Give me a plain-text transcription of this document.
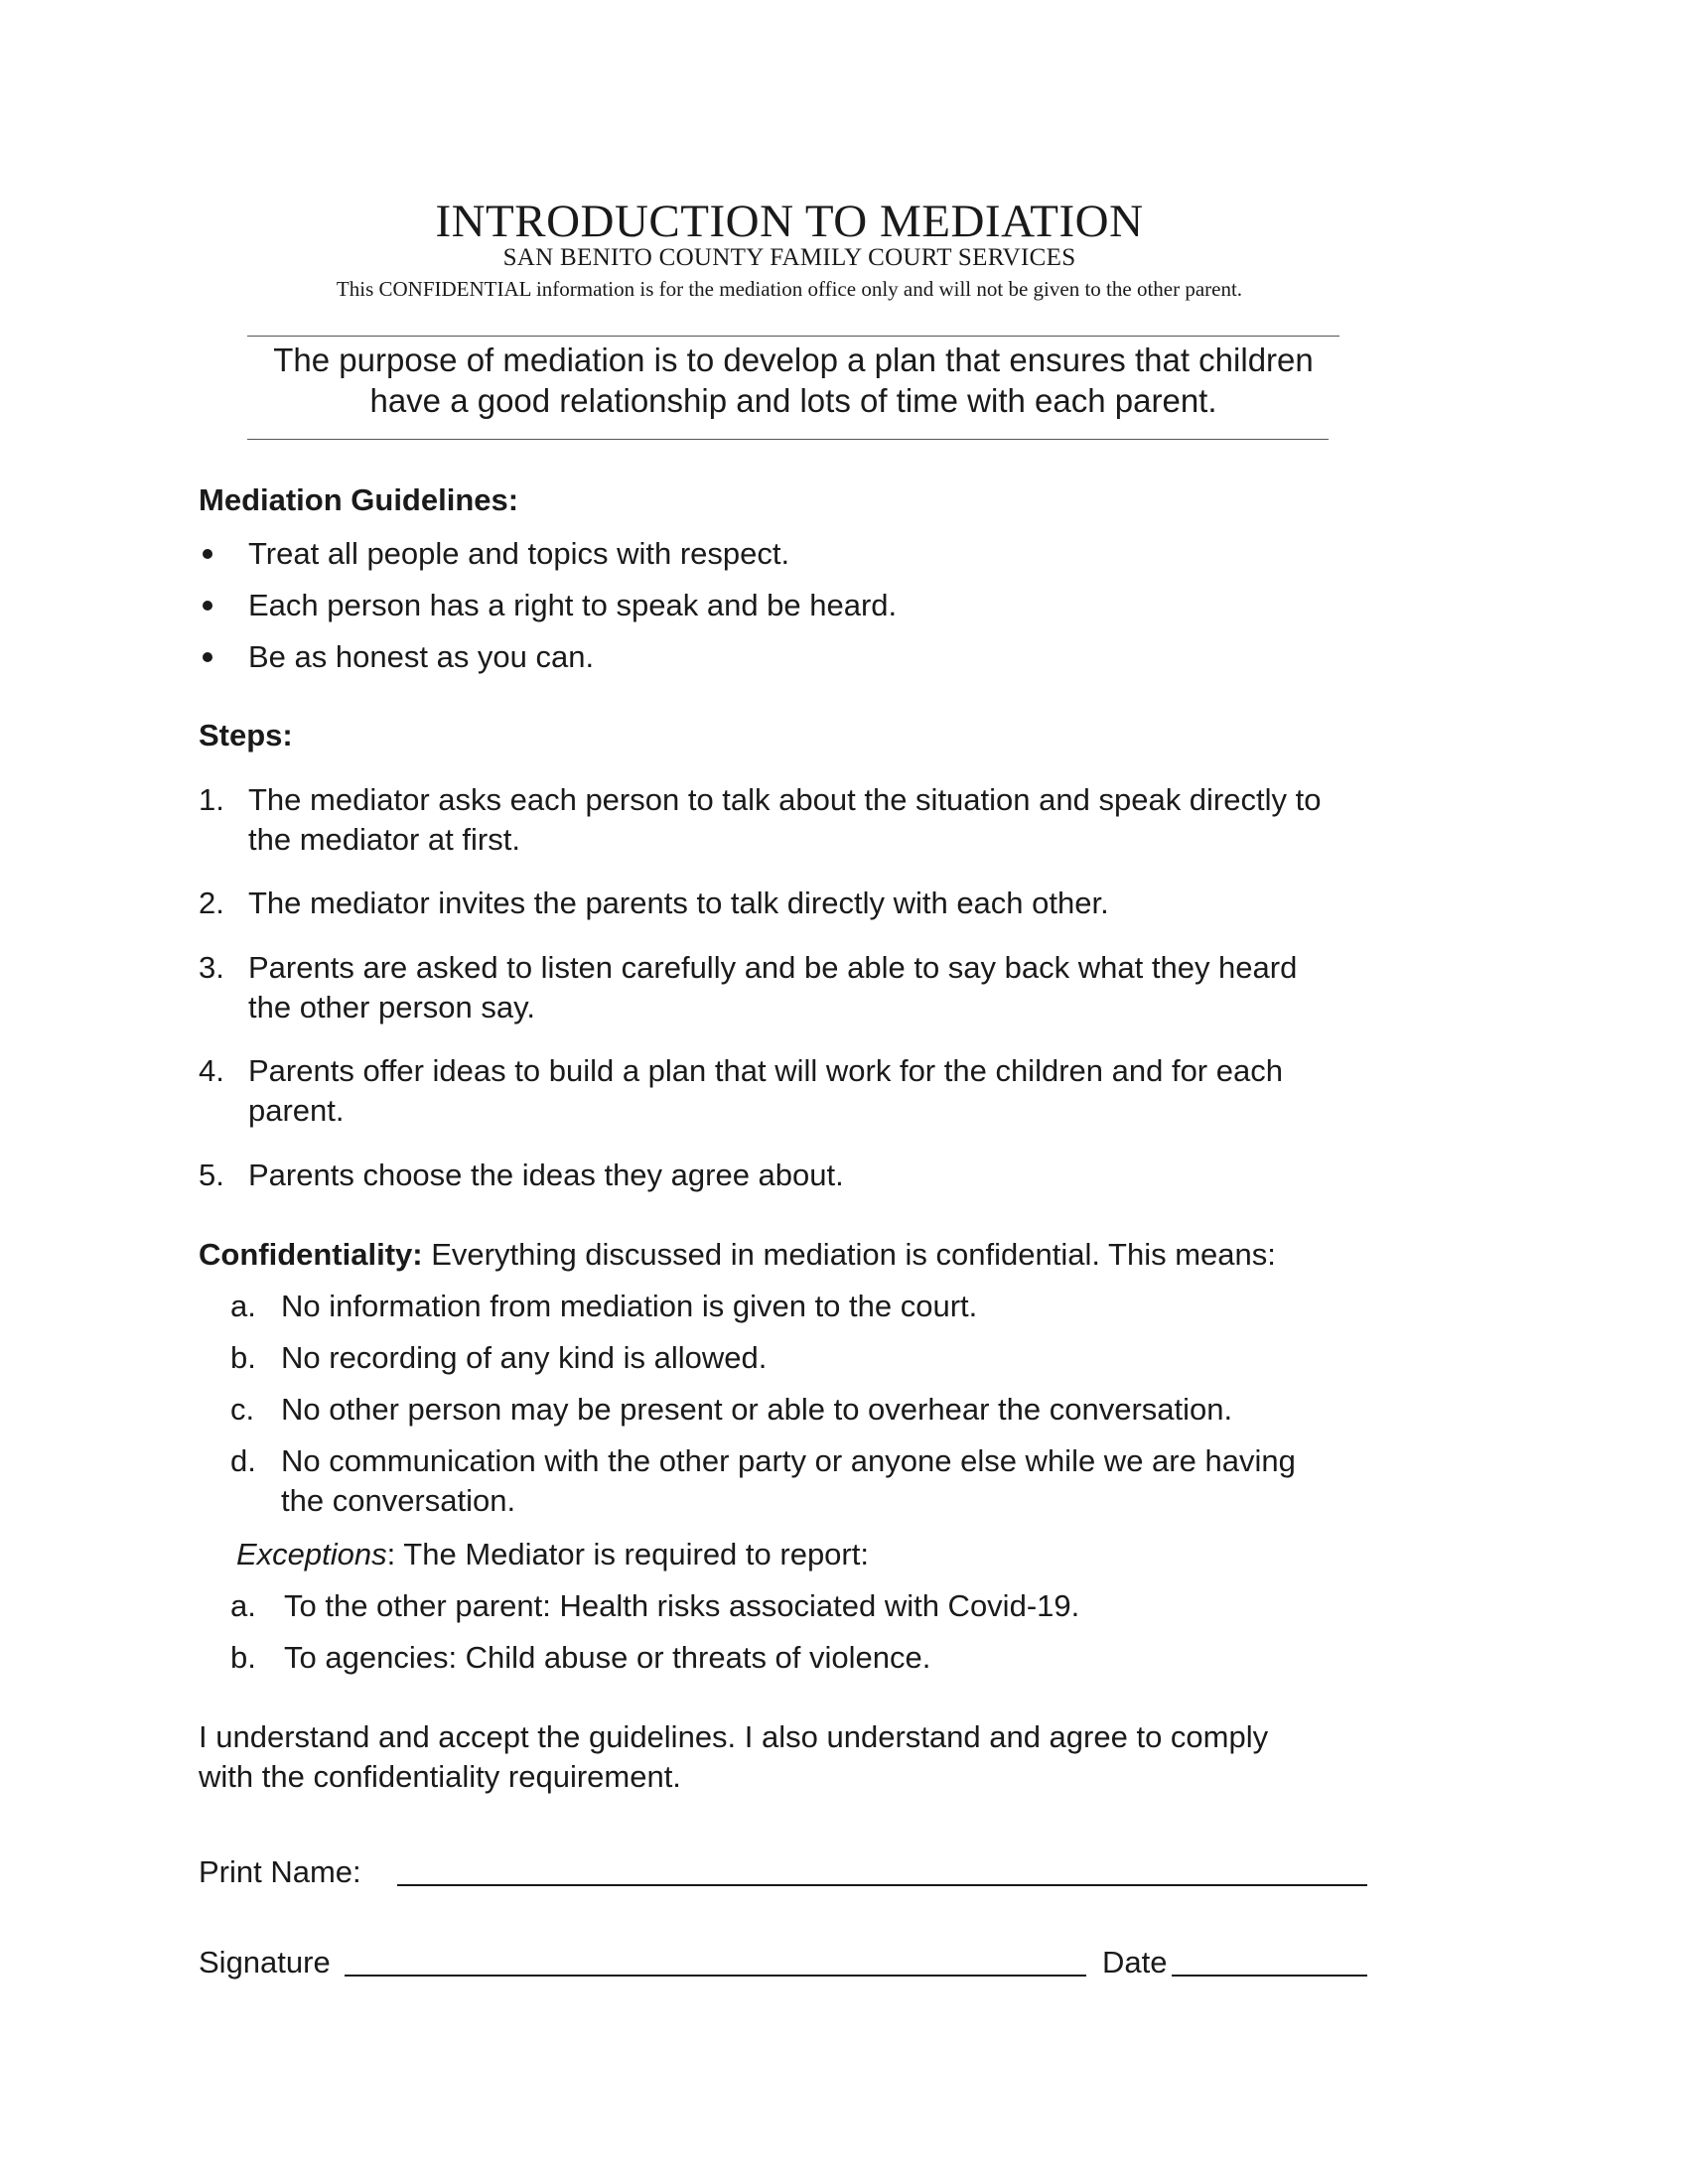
INTRODUCTION TO MEDIATION
SAN BENITO COUNTY FAMILY COURT SERVICES
This CONFIDENTIAL information is for the mediation office only and will not be given to the other parent.
The purpose of mediation is to develop a plan that ensures that children
have a good relationship and lots of time with each parent.
Mediation Guidelines:
Treat all people and topics with respect.
Each person has a right to speak and be heard.
Be as honest as you can.
Steps:
1. The mediator asks each person to talk about the situation and speak directly to
the mediator at first.
2. The mediator invites the parents to talk directly with each other.
3. Parents are asked to listen carefully and be able to say back what they heard
the other person say.
4. Parents offer ideas to build a plan that will work for the children and for each
parent.
5. Parents choose the ideas they agree about.
Confidentiality: Everything discussed in mediation is confidential. This means:
a. No information from mediation is given to the court.
b. No recording of any kind is allowed.
c. No other person may be present or able to overhear the conversation.
d. No communication with the other party or anyone else while we are having
the conversation.
Exceptions: The Mediator is required to report:
a. To the other parent: Health risks associated with Covid-19.
b. To agencies: Child abuse or threats of violence.
I understand and accept the guidelines. I also understand and agree to comply
with the confidentiality requirement.
Print Name:
Signature	Date
